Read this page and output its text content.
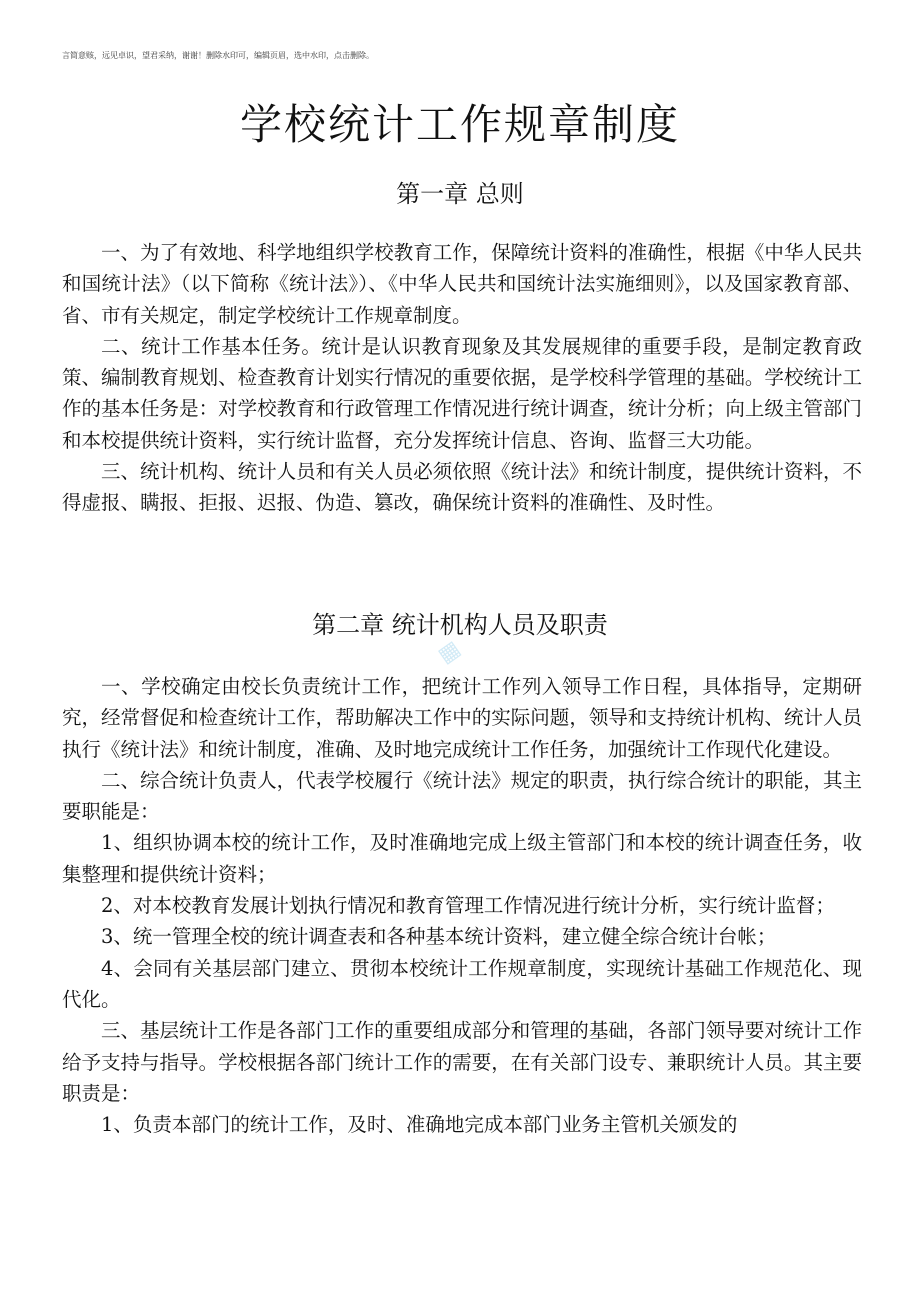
言简意赅，远见卓识，望君采纳，谢谢！删除水印可，编辑页眉，选中水印，点击删除。
学校统计工作规章制度
第一章 总则

一、为了有效地、科学地组织学校教育工作，保障统计资料的准确性，根据《中华人民共和国统计法》（以下简称《统计法》）、《中华人民共和国统计法实施细则》，以及国家教育部、省、市有关规定，制定学校统计工作规章制度。

二、统计工作基本任务。统计是认识教育现象及其发展规律的重要手段，是制定教育政策、编制教育规划、检查教育计划实行情况的重要依据，是学校科学管理的基础。学校统计工作的基本任务是：对学校教育和行政管理工作情况进行统计调查，统计分析；向上级主管部门和本校提供统计资料，实行统计监督，充分发挥统计信息、咨询、监督三大功能。

三、统计机构、统计人员和有关人员必须依照《统计法》和统计制度，提供统计资料，不得虚报、瞒报、拒报、迟报、伪造、篡改，确保统计资料的准确性、及时性。

第二章 统计机构人员及职责
▦

一、学校确定由校长负责统计工作，把统计工作列入领导工作日程，具体指导，定期研究，经常督促和检查统计工作，帮助解决工作中的实际问题，领导和支持统计机构、统计人员执行《统计法》和统计制度，准确、及时地完成统计工作任务，加强统计工作现代化建设。

二、综合统计负责人，代表学校履行《统计法》规定的职责，执行综合统计的职能，其主要职能是：

1、组织协调本校的统计工作，及时准确地完成上级主管部门和本校的统计调查任务，收集整理和提供统计资料；

2、对本校教育发展计划执行情况和教育管理工作情况进行统计分析，实行统计监督；

3、统一管理全校的统计调查表和各种基本统计资料，建立健全综合统计台帐；

4、会同有关基层部门建立、贯彻本校统计工作规章制度，实现统计基础工作规范化、现代化。

三、基层统计工作是各部门工作的重要组成部分和管理的基础，各部门领导要对统计工作给予支持与指导。学校根据各部门统计工作的需要，在有关部门设专、兼职统计人员。其主要职责是：

1、负责本部门的统计工作，及时、准确地完成本部门业务主管机关颁发的
